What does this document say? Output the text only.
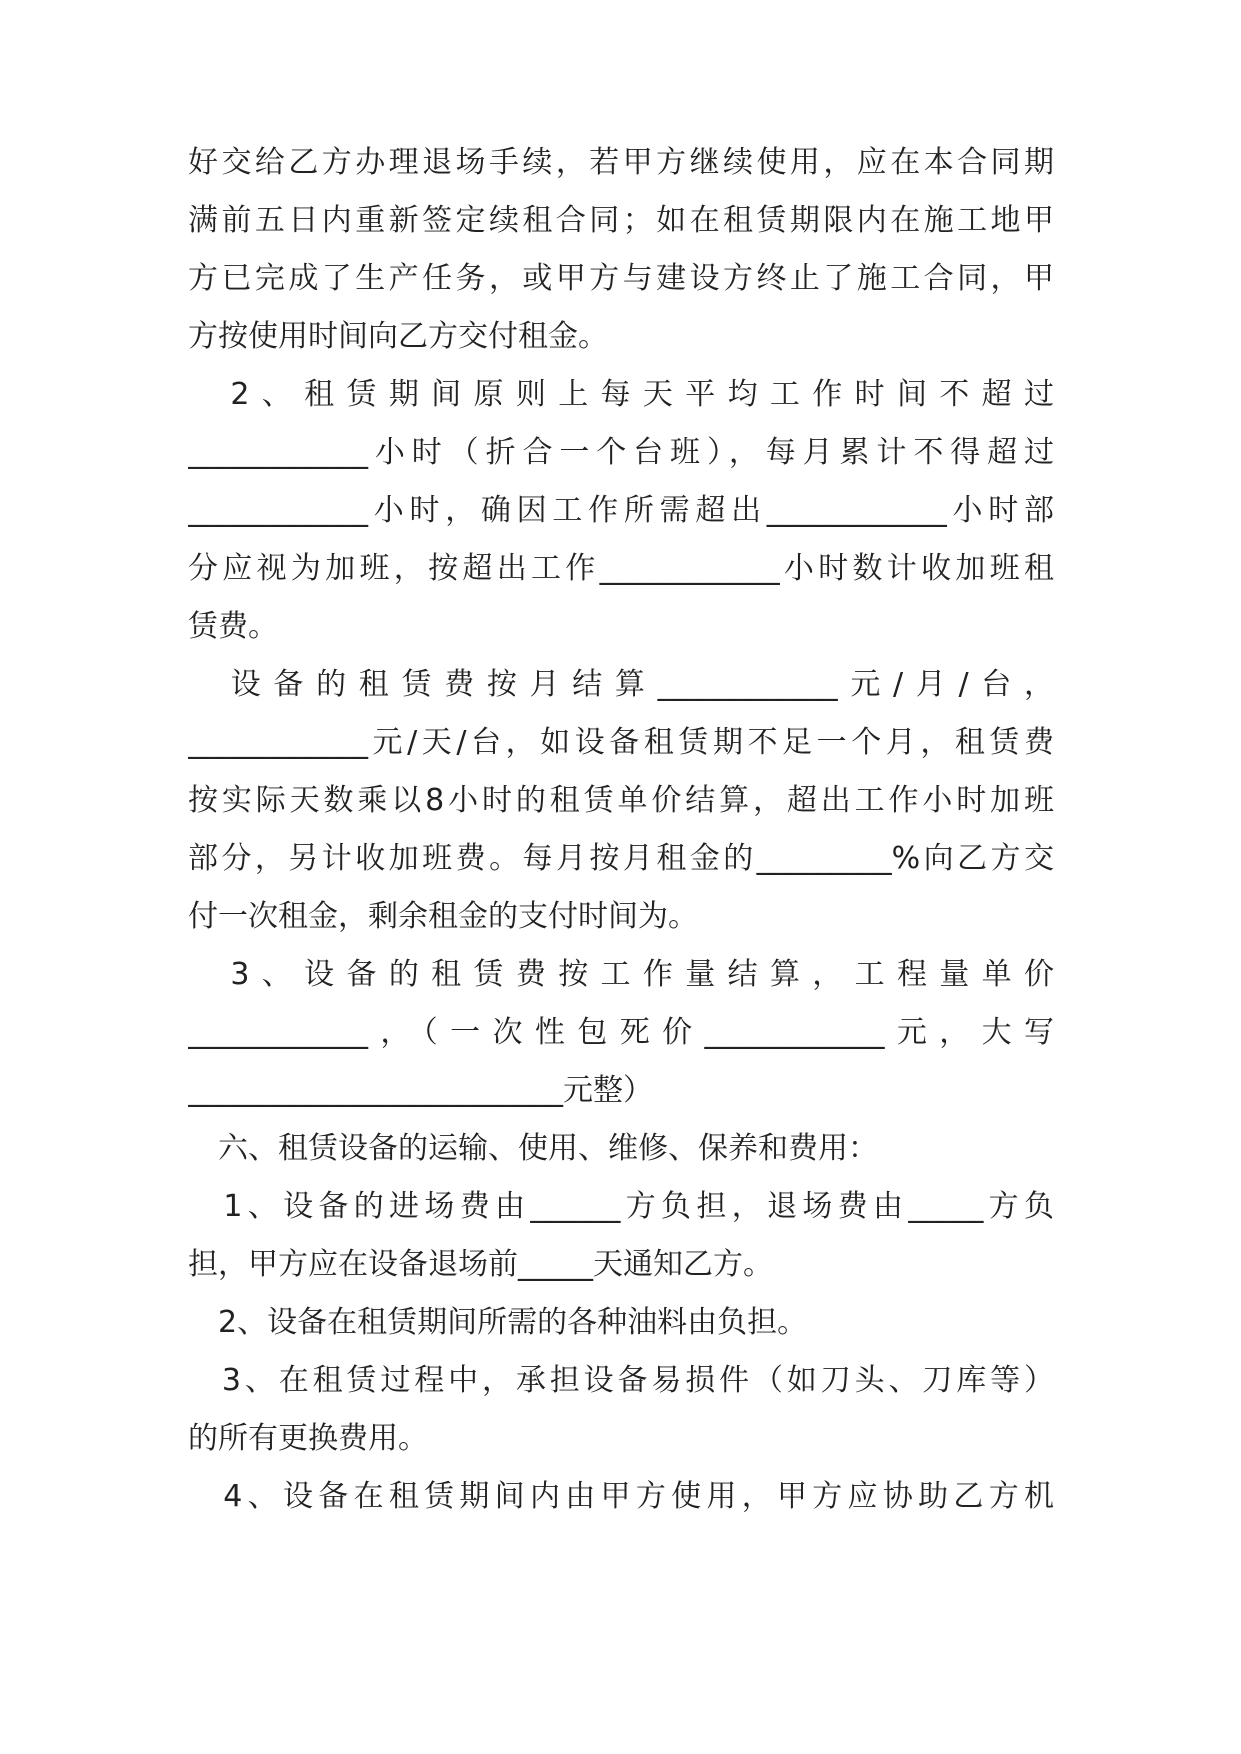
好交给乙方办理退场手续，若甲方继续使用，应在本合同期
满前五日内重新签定续租合同；如在租赁期限内在施工地甲
方已完成了生产任务，或甲方与建设方终止了施工合同，甲
方按使用时间向乙方交付租金。
　2、租赁期间原则上每天平均工作时间不超过
____________小时（折合一个台班），每月累计不得超过
____________小时，确因工作所需超出____________小时部
分应视为加班，按超出工作____________小时数计收加班租
赁费。
　设备的租赁费按月结算____________元/月/台，
____________元/天/台，如设备租赁期不足一个月，租赁费
按实际天数乘以8小时的租赁单价结算，超出工作小时加班
部分，另计收加班费。每月按月租金的_________%向乙方交
付一次租金，剩余租金的支付时间为。
　3、设备的租赁费按工作量结算，工程量单价
____________，（一次性包死价____________元，大写
_________________________元整）
　六、租赁设备的运输、使用、维修、保养和费用：
　1、设备的进场费由______方负担，退场费由_____方负
担，甲方应在设备退场前_____天通知乙方。
　2、设备在租赁期间所需的各种油料由负担。
　3、在租赁过程中，承担设备易损件（如刀头、刀库等）
的所有更换费用。
　4、设备在租赁期间内由甲方使用，甲方应协助乙方机
